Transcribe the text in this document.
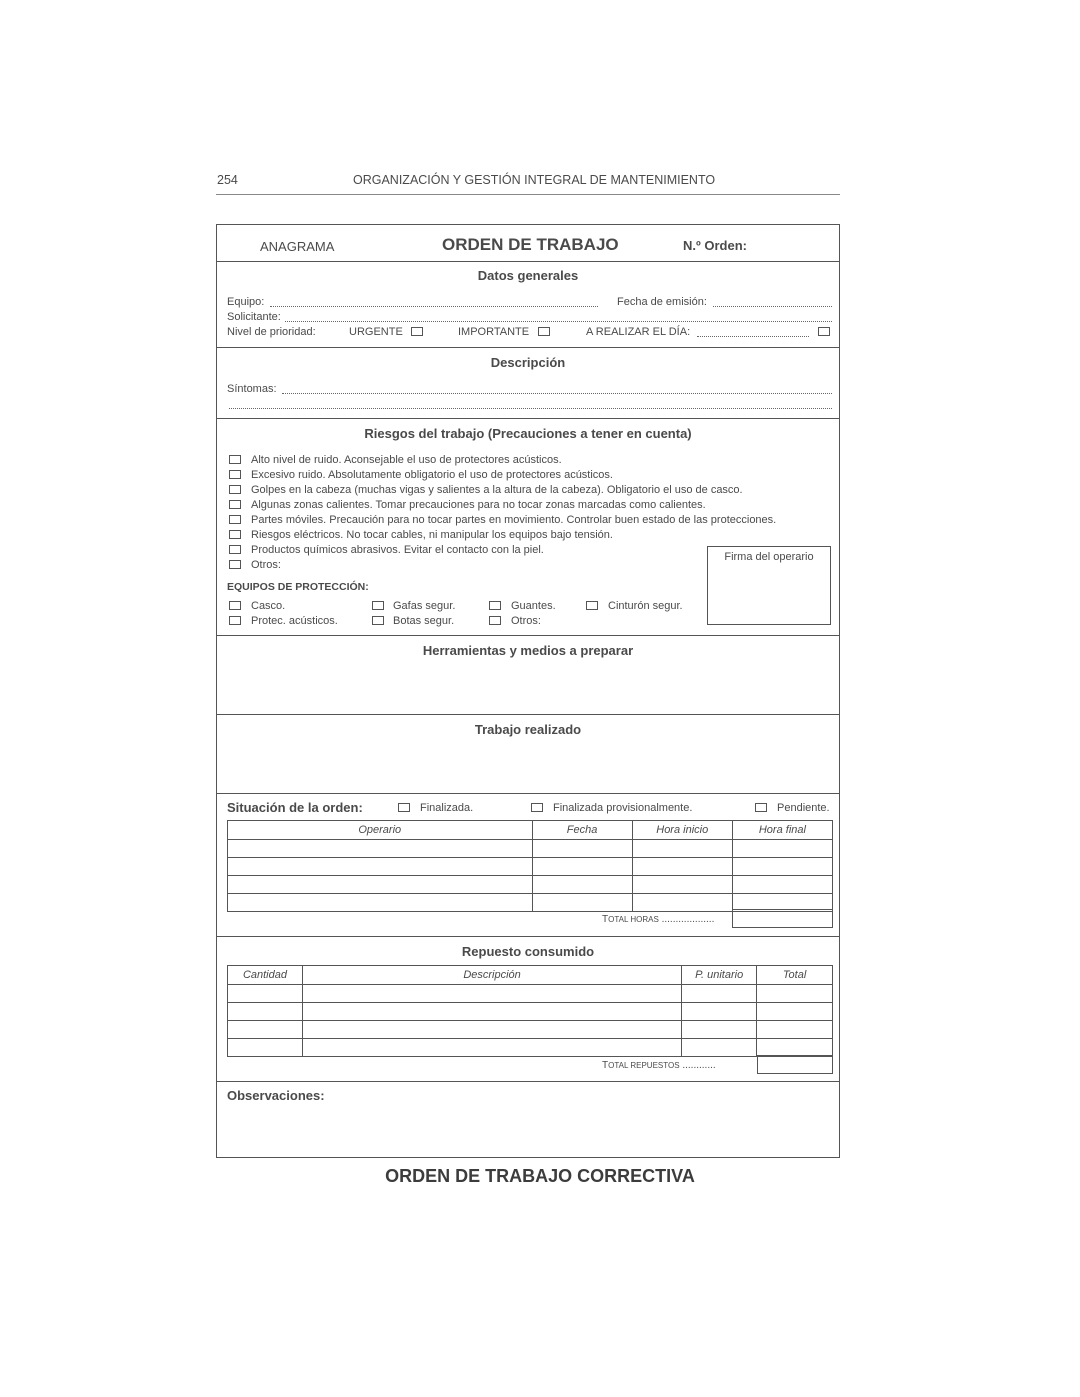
254	ORGANIZACIÓN Y GESTIÓN INTEGRAL DE MANTENIMIENTO
ANAGRAMA	ORDEN DE TRABAJO	N.º Orden:
Datos generales
Equipo:	Fecha de emisión:
Solicitante:
Nivel de prioridad:	URGENTE	IMPORTANTE	A REALIZAR EL DÍA:
Descripción
Síntomas:
Riesgos del trabajo (Precauciones a tener en cuenta)
Alto nivel de ruido. Aconsejable el uso de protectores acústicos.
Excesivo ruido. Absolutamente obligatorio el uso de protectores acústicos.
Golpes en la cabeza (muchas vigas y salientes a la altura de la cabeza). Obligatorio el uso de casco.
Algunas zonas calientes. Tomar precauciones para no tocar zonas marcadas como calientes.
Partes móviles. Precaución para no tocar partes en movimiento. Controlar buen estado de las protecciones.
Riesgos eléctricos. No tocar cables, ni manipular los equipos bajo tensión.
Productos químicos abrasivos. Evitar el contacto con la piel.
Otros:
Firma del operario
EQUIPOS DE PROTECCIÓN:
Casco.	Gafas segur.	Guantes.	Cinturón segur.
Protec. acústicos.	Botas segur.	Otros:
Herramientas y medios a preparar
Trabajo realizado
Situación de la orden:	Finalizada.	Finalizada provisionalmente.	Pendiente.
Operario	Fecha	Hora inicio	Hora final

TOTAL HORAS ...................
Repuesto consumido
Cantidad	Descripción	P. unitario	Total

TOTAL REPUESTOS ............
Observaciones:
ORDEN DE TRABAJO CORRECTIVA
